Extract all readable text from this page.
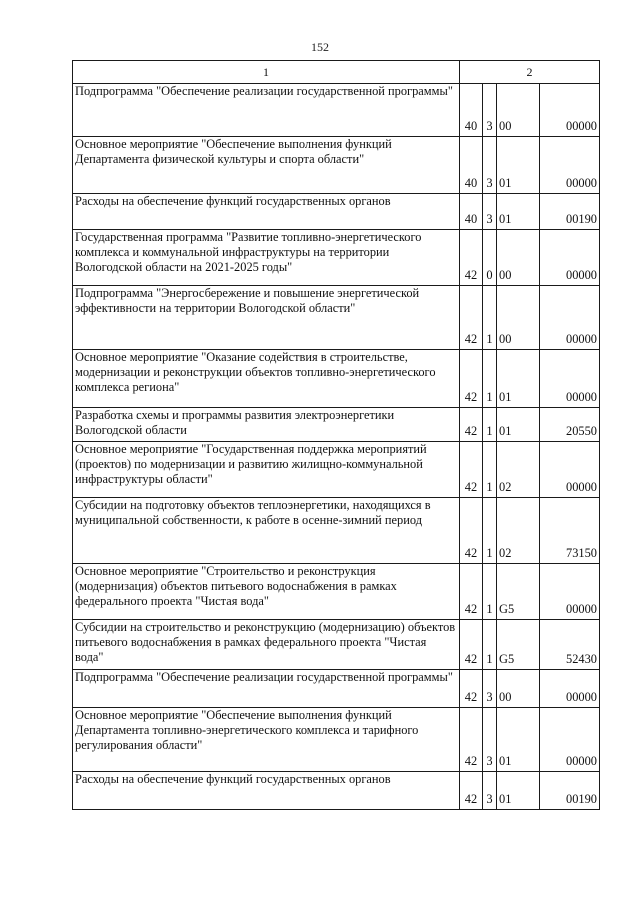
152
1	2			
Подпрограмма "Обеспечение реализации государственной программы"	40	3	00	00000
Основное мероприятие "Обеспечение выполнения функций Департамента физической культуры и спорта области"	40	3	01	00000
Расходы на обеспечение функций государственных органов	40	3	01	00190
Государственная программа "Развитие топливно-энергетического комплекса и коммунальной инфраструктуры на территории Вологодской области на 2021-2025 годы"	42	0	00	00000
Подпрограмма "Энергосбережение и повышение энергетической эффективности на территории Вологодской области"	42	1	00	00000
Основное мероприятие "Оказание содействия в строительстве, модернизации и реконструкции объектов топливно-энергетического комплекса региона"	42	1	01	00000
Разработка схемы и программы развития электроэнергетики Вологодской области	42	1	01	20550
Основное мероприятие "Государственная поддержка мероприятий (проектов) по модернизации и развитию жилищно-коммунальной инфраструктуры области"	42	1	02	00000
Субсидии на подготовку объектов теплоэнергетики, находящихся в муниципальной собственности, к работе в осенне-зимний период	42	1	02	73150
Основное мероприятие "Строительство и реконструкция (модернизация) объектов питьевого водоснабжения в рамках федерального проекта "Чистая вода"	42	1	G5	00000
Субсидии на строительство и реконструкцию (модернизацию) объектов питьевого водоснабжения в рамках федерального проекта "Чистая вода"	42	1	G5	52430
Подпрограмма "Обеспечение реализации государственной программы"	42	3	00	00000
Основное мероприятие "Обеспечение выполнения функций Департамента топливно-энергетического комплекса и тарифного регулирования области"	42	3	01	00000
Расходы на обеспечение функций государственных органов	42	3	01	00190
